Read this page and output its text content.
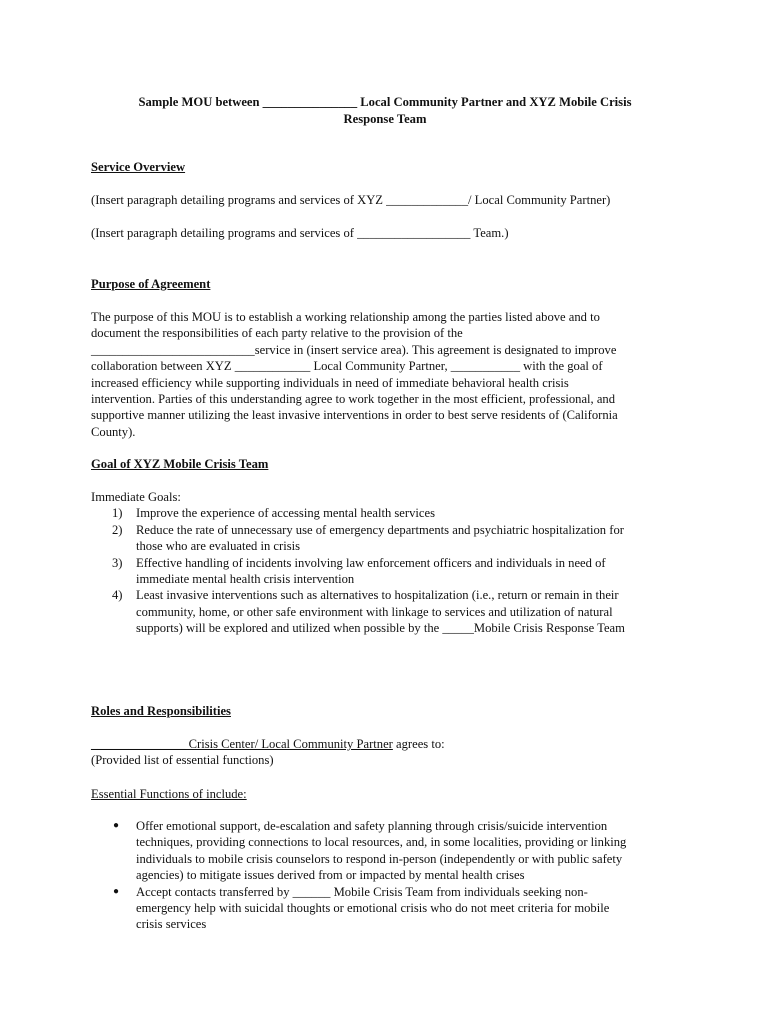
Sample MOU between _______________ Local Community Partner and XYZ Mobile Crisis
Response Team

Service Overview

(Insert paragraph detailing programs and services of XYZ _____________/ Local Community Partner)

(Insert paragraph detailing programs and services of __________________ Team.)

Purpose of Agreement

The purpose of this MOU is to establish a working relationship among the parties listed above and to
document the responsibilities of each party relative to the provision of the
__________________________service in (insert service area). This agreement is designated to improve
collaboration between XYZ ____________ Local Community Partner, ___________ with the goal of
increased efficiency while supporting individuals in need of immediate behavioral health crisis
intervention. Parties of this understanding agree to work together in the most efficient, professional, and
supportive manner utilizing the least invasive interventions in order to best serve residents of (California
County).

Goal of XYZ Mobile Crisis Team

Immediate Goals:

1) Improve the experience of accessing mental health services
2) Reduce the rate of unnecessary use of emergency departments and psychiatric hospitalization for
those who are evaluated in crisis
3) Effective handling of incidents involving law enforcement officers and individuals in need of
immediate mental health crisis intervention
4) Least invasive interventions such as alternatives to hospitalization (i.e., return or remain in their
community, home, or other safe environment with linkage to services and utilization of natural
supports) will be explored and utilized when possible by the _____Mobile Crisis Response Team

Roles and Responsibilities

_______________ Crisis Center/ Local Community Partner agrees to:

(Provided list of essential functions)

Essential Functions of include:

● Offer emotional support, de-escalation and safety planning through crisis/suicide intervention
techniques, providing connections to local resources, and, in some localities, providing or linking
individuals to mobile crisis counselors to respond in-person (independently or with public safety
agencies) to mitigate issues derived from or impacted by mental health crises
● Accept contacts transferred by ______ Mobile Crisis Team from individuals seeking non-
emergency help with suicidal thoughts or emotional crisis who do not meet criteria for mobile
crisis services
